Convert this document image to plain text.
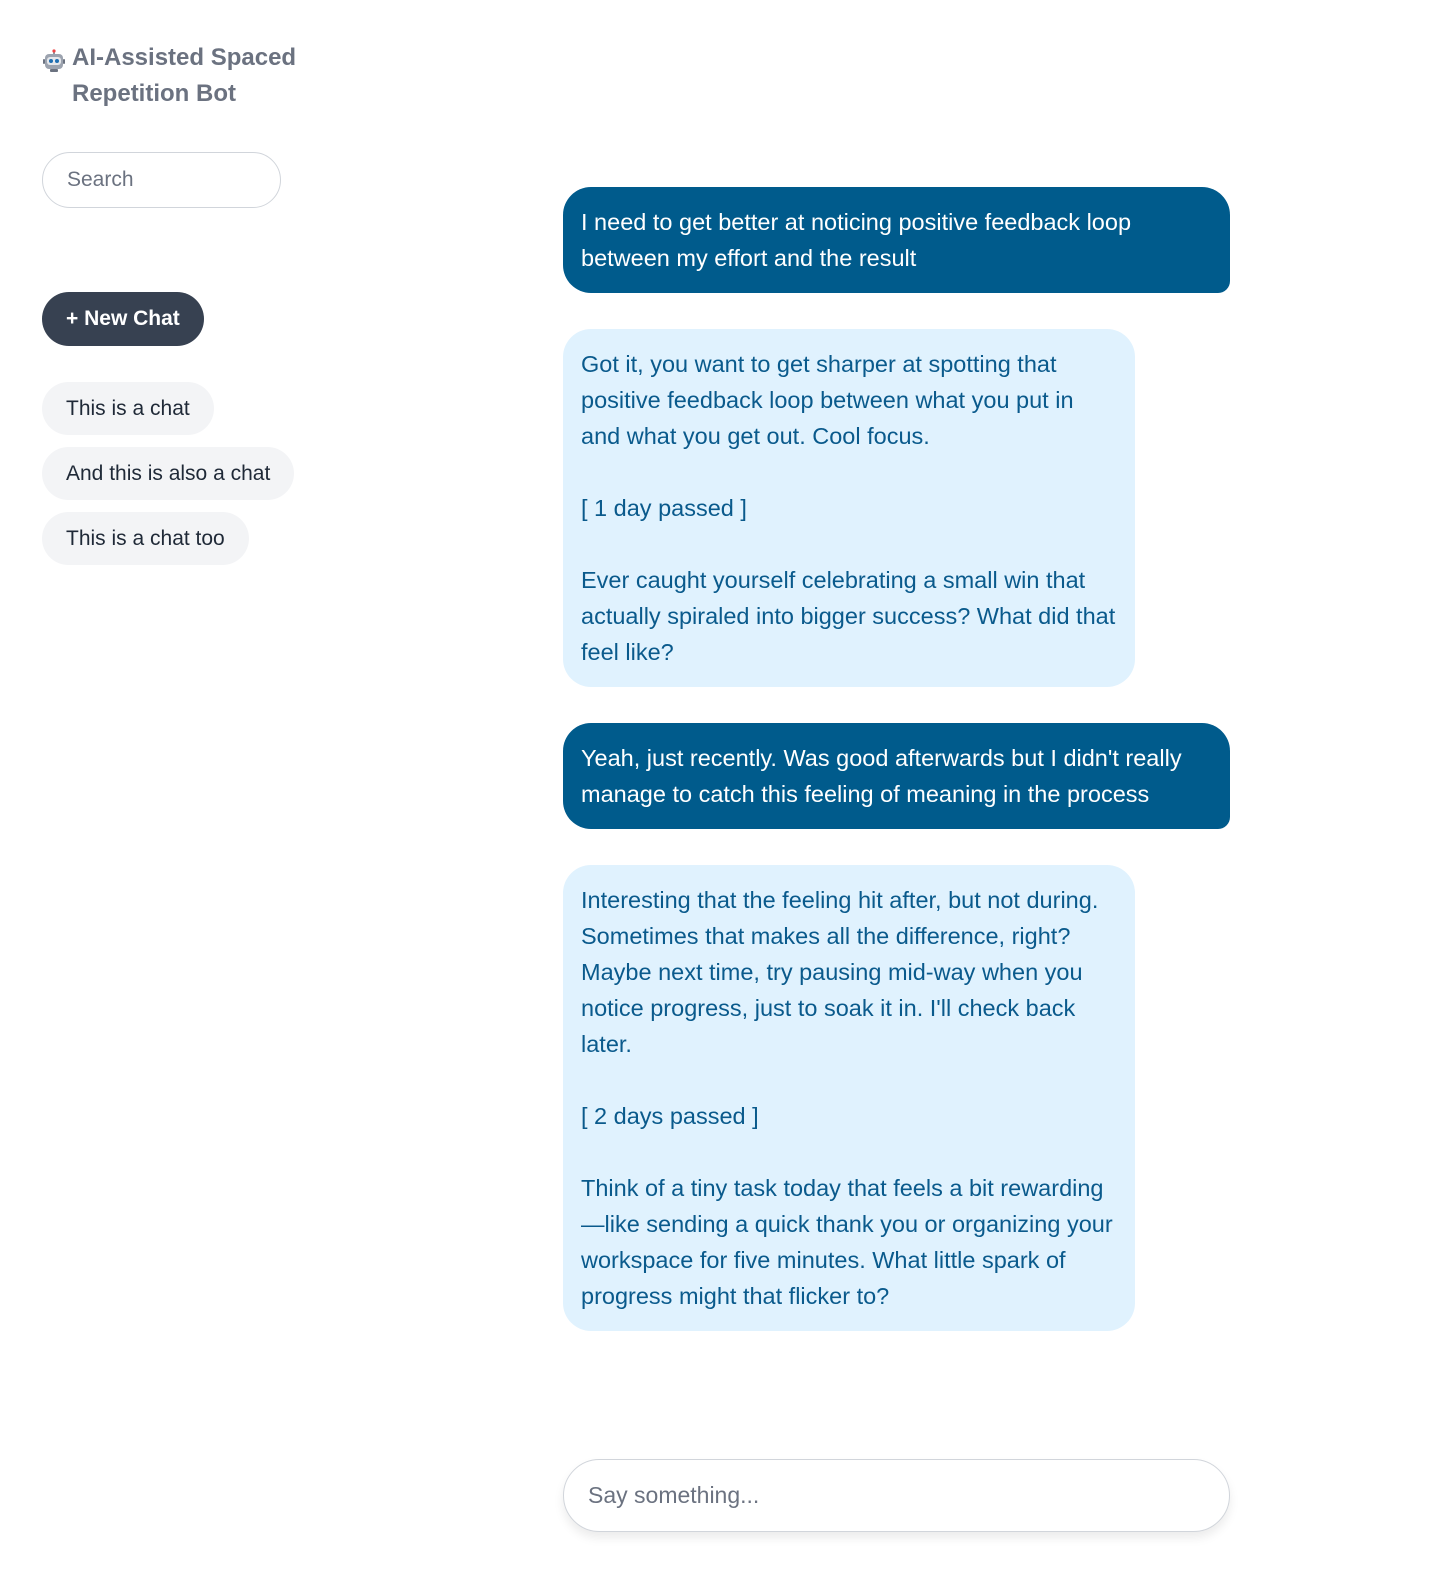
AI-Assisted Spaced Repetition Bot
Search
+ New Chat
This is a chat
And this is also a chat
This is a chat too
I need to get better at noticing positive feedback loop between my effort and the result
Got it, you want to get sharper at spotting that positive feedback loop between what you put in and what you get out. Cool focus.

[ 1 day passed ]

Ever caught yourself celebrating a small win that actually spiraled into bigger success? What did that feel like?
Yeah, just recently. Was good afterwards but I didn't really manage to catch this feeling of meaning in the process
Interesting that the feeling hit after, but not during. Sometimes that makes all the difference, right? Maybe next time, try pausing mid-way when you notice progress, just to soak it in. I'll check back later.

[ 2 days passed ]

Think of a tiny task today that feels a bit rewarding—like sending a quick thank you or organizing your workspace for five minutes. What little spark of progress might that flicker to?
Say something...
